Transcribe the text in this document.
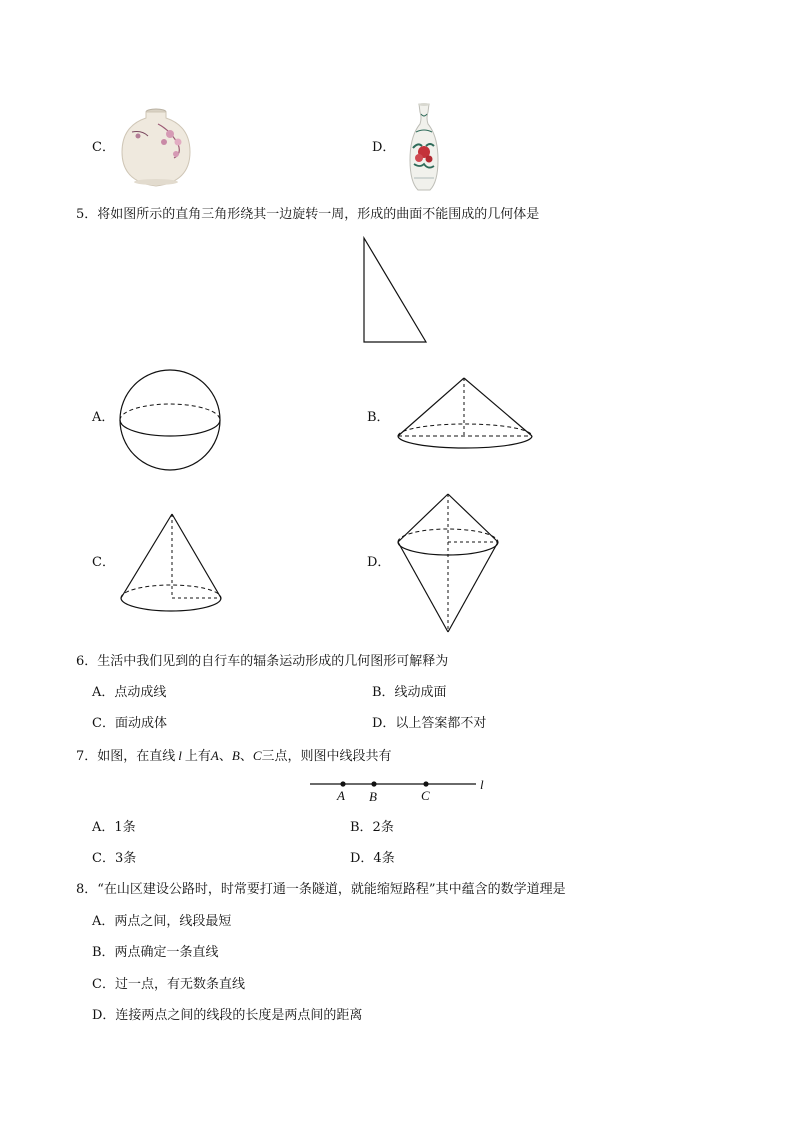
C．	D．
5．将如图所示的直角三角形绕其一边旋转一周，形成的曲面不能围成的几何体是
A．	B．
C．	D．
6．生活中我们见到的自行车的辐条运动形成的几何图形可解释为
A．点动成线	B．线动成面
C．面动成体	D．以上答案都不对
7．如图，在直线 l 上有A、B、C三点，则图中线段共有
A B	C
l
A．1条	B．2条
C．3条	D．4条
8．“在山区建设公路时，时常要打通一条隧道，就能缩短路程”其中蕴含的数学道理是
A．两点之间，线段最短
B．两点确定一条直线
C．过一点，有无数条直线
D．连接两点之间的线段的长度是两点间的距离
